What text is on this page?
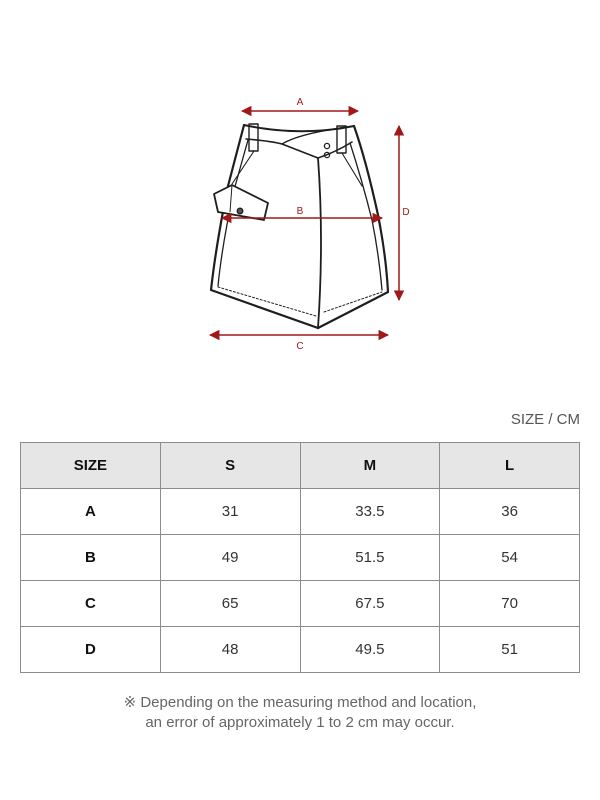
A
B
C
D
SIZE / CM
SIZE	S	M	L
A	31	33.5	36
B	49	51.5	54
C	65	67.5	70
D	48	49.5	51
※ Depending on the measuring method and location,
an error of approximately 1 to 2 cm may occur.
